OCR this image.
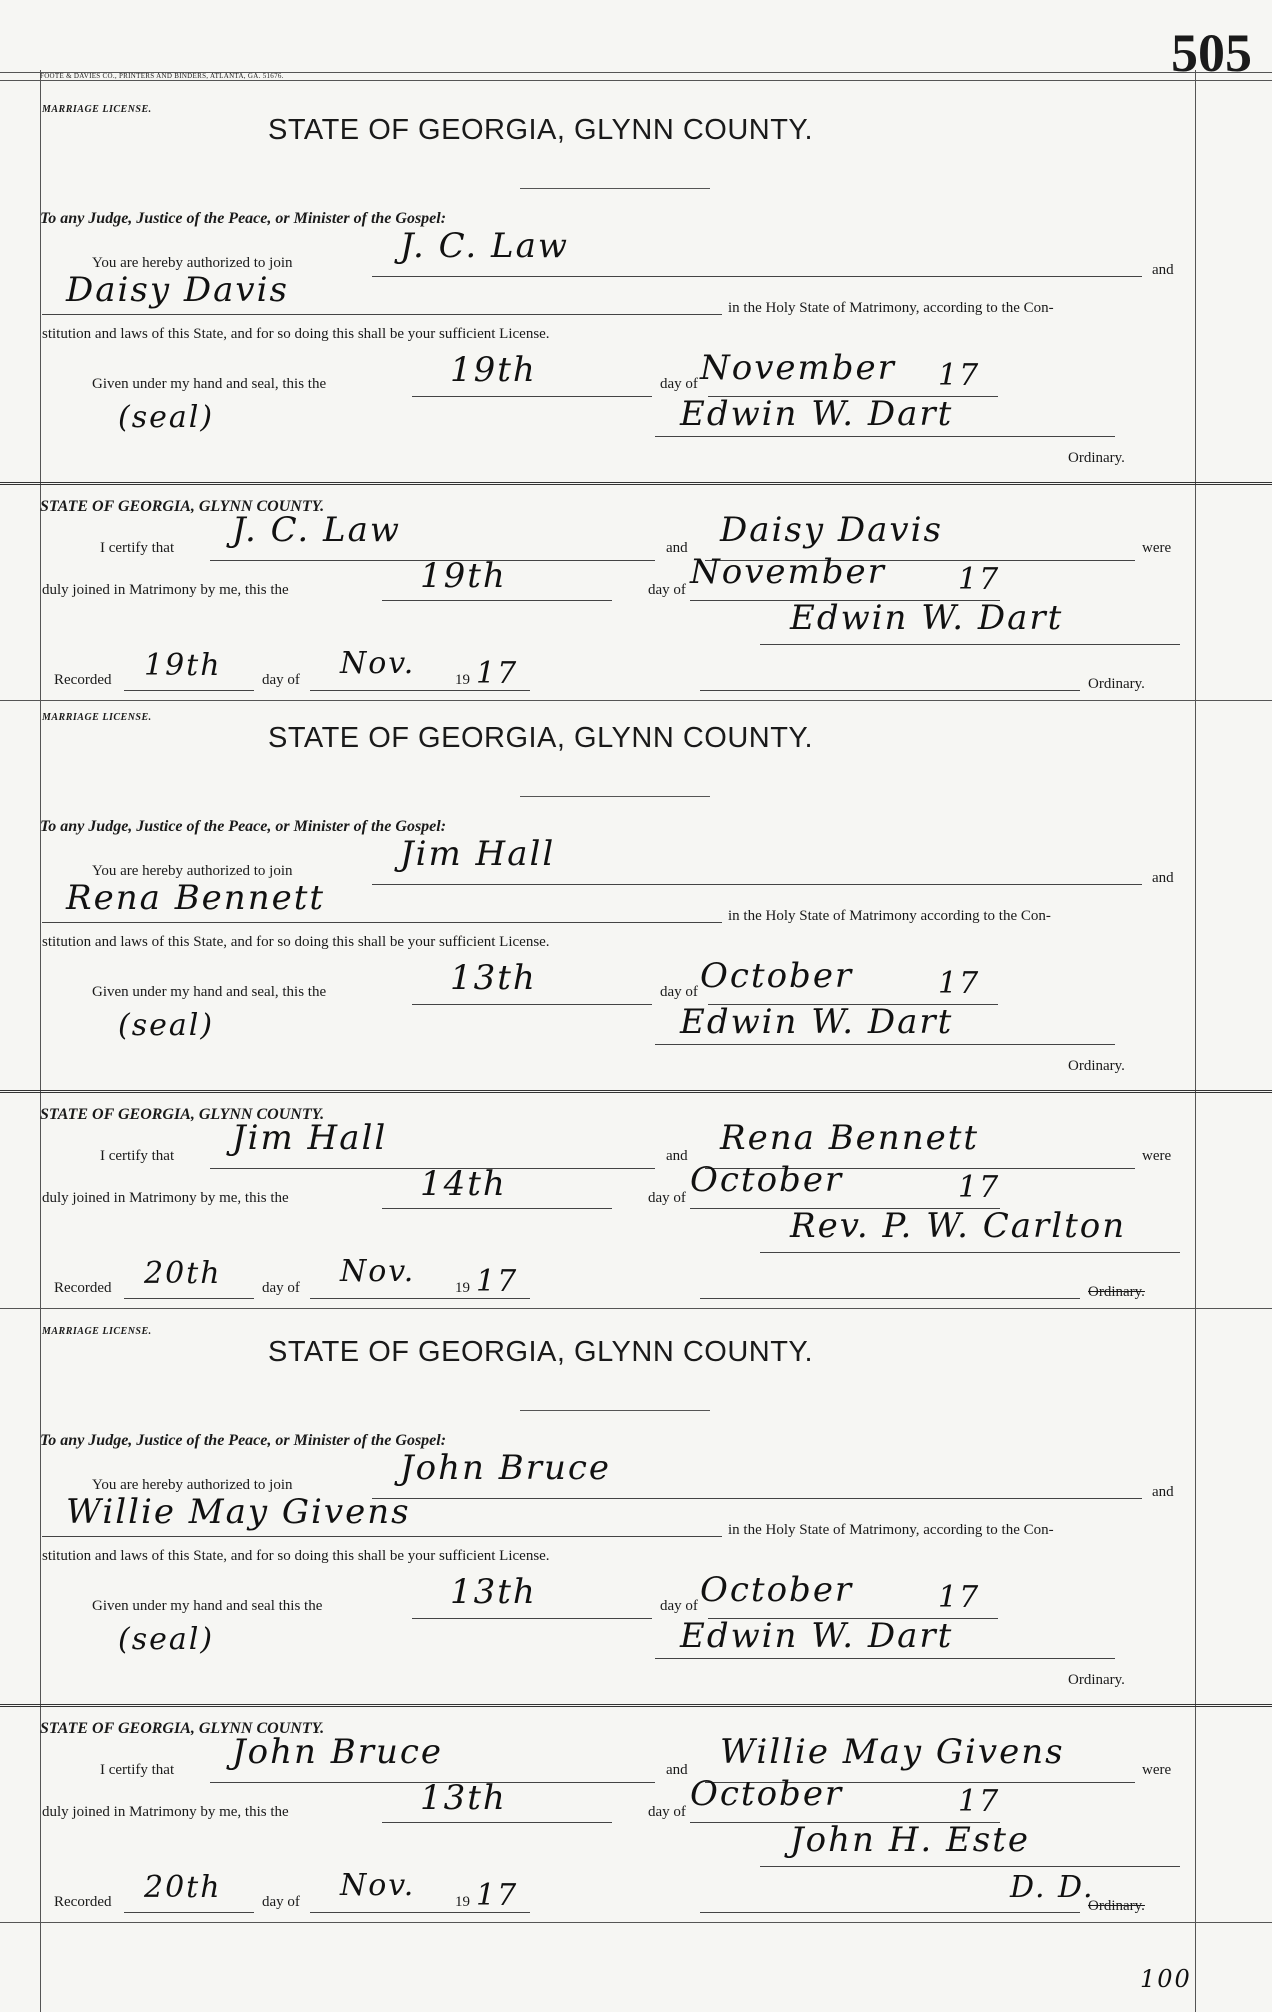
505
FOOTE & DAVIES CO., PRINTERS AND BINDERS, ATLANTA, GA. 51676.
MARRIAGE LICENSE.
STATE OF GEORGIA, GLYNN COUNTY.
To any Judge, Justice of the Peace, or Minister of the Gospel:
You are hereby authorized to join	J. C. Law
and
Daisy Davis	in the Holy State of Matrimony, according to the Con-
stitution and laws of this State, and for so doing this shall be your sufficient License.
Given under my hand and seal, this the	19th	day of November 17
(seal)	Edwin W. Dart
Ordinary.
STATE OF GEORGIA, GLYNN COUNTY.
I certify that J. C. Law	and Daisy Davis	were
duly joined in Matrimony by me, this the	19th	day of November 17
Edwin W. Dart
Recorded 19th	day of Nov.	19 17	Ordinary.
MARRIAGE LICENSE.
STATE OF GEORGIA, GLYNN COUNTY.
To any Judge, Justice of the Peace, or Minister of the Gospel:
You are hereby authorized to join	Jim Hall
and
Rena Bennett	in the Holy State of Matrimony according to the Con-
stitution and laws of this State, and for so doing this shall be your sufficient License.
Given under my hand and seal, this the	13th	day of October	17
(seal)	Edwin W. Dart
Ordinary.
STATE OF GEORGIA, GLYNN COUNTY.
I certify that Jim Hall	and Rena Bennett	were
duly joined in Matrimony by me, this the	14th	day of October	17
Rev. P. W. Carlton
Recorded 20th	day of Nov.	19 17	Ordinary.
MARRIAGE LICENSE.
STATE OF GEORGIA, GLYNN COUNTY.
To any Judge, Justice of the Peace, or Minister of the Gospel:
You are hereby authorized to join	John Bruce
and
Willie May Givens	in the Holy State of Matrimony, according to the Con-
stitution and laws of this State, and for so doing this shall be your sufficient License.
Given under my hand and seal this the	13th	day of October	17
(seal)	Edwin W. Dart
Ordinary.
STATE OF GEORGIA, GLYNN COUNTY.
I certify that John Bruce	and Willie May Givens	were
duly joined in Matrimony by me, this the	13th	day of October	17
John H. Este
D. D.
Recorded 20th	day of Nov.	19 17	Ordinary.
100
